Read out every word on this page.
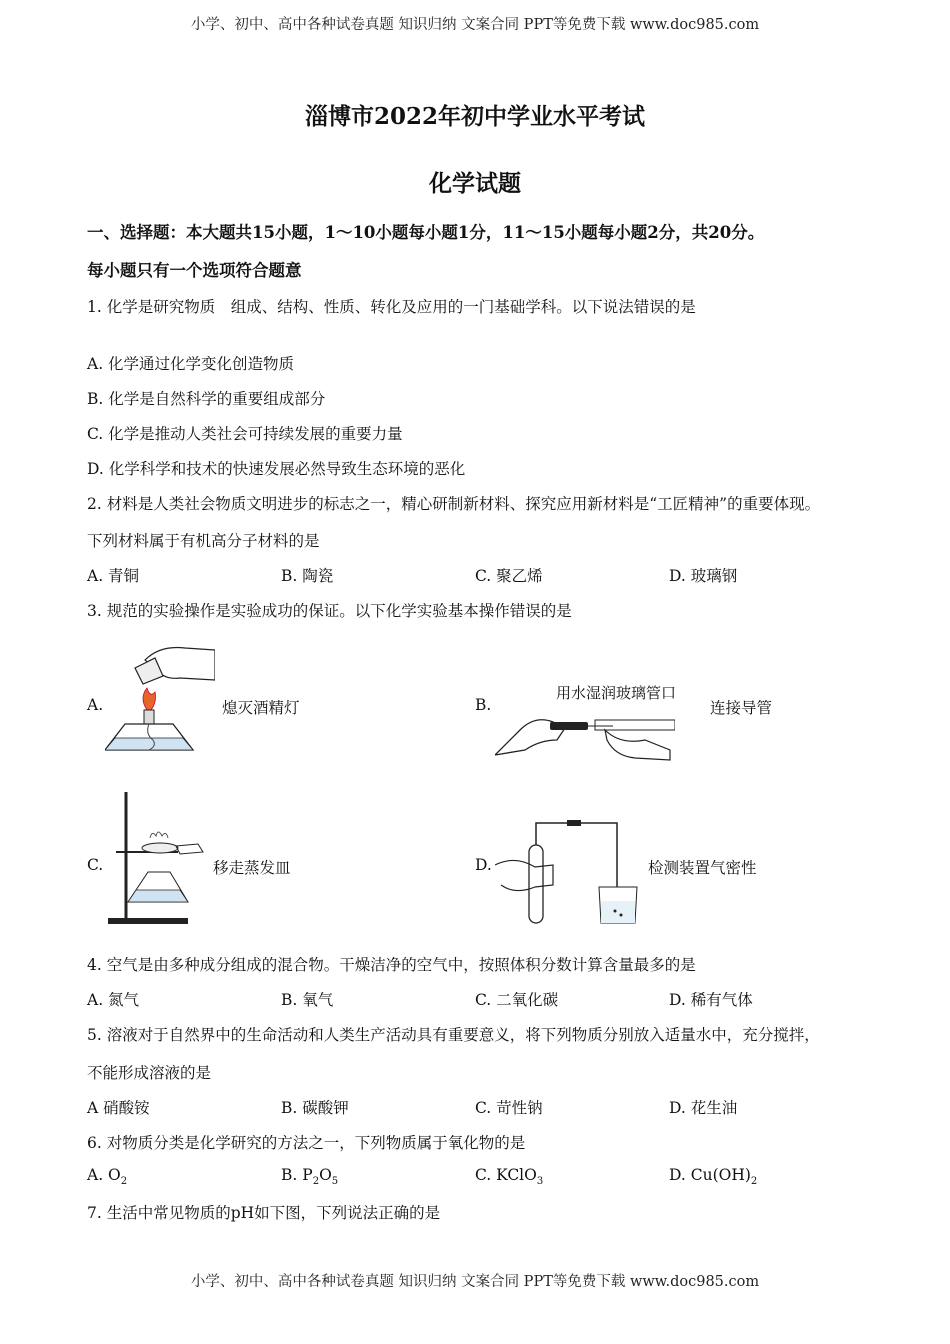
小学、初中、高中各种试卷真题 知识归纳 文案合同 PPT等免费下载 www.doc985.com
淄博市2022年初中学业水平考试
化学试题
一、选择题：本大题共15小题，1～10小题每小题1分，11～15小题每小题2分，共20分。
每小题只有一个选项符合题意
1. 化学是研究物质　组成、结构、性质、转化及应用的一门基础学科。以下说法错误的是
A. 化学通过化学变化创造物质
B. 化学是自然科学的重要组成部分
C. 化学是推动人类社会可持续发展的重要力量
D. 化学科学和技术的快速发展必然导致生态环境的恶化
2. 材料是人类社会物质文明进步的标志之一，精心研制新材料、探究应用新材料是“工匠精神”的重要体现。
下列材料属于有机高分子材料的是
A. 青铜	B. 陶瓷	C. 聚乙烯	D. 玻璃钢
3. 规范的实验操作是实验成功的保证。以下化学实验基本操作错误的是
A.	熄灭酒精灯	B.
用水湿润玻璃管口
连接导管
C.	移走蒸发皿	D.	检测装置气密性
4. 空气是由多种成分组成的混合物。干燥洁净的空气中，按照体积分数计算含量最多的是
A. 氮气	B. 氧气	C. 二氧化碳	D. 稀有气体
5. 溶液对于自然界中的生命活动和人类生产活动具有重要意义，将下列物质分别放入适量水中，充分搅拌，
不能形成溶液的是
A 硝酸铵	B. 碳酸钾	C. 苛性钠	D. 花生油
6. 对物质分类是化学研究的方法之一，下列物质属于氧化物的是
A. $O_2$	B. $P_2O_5$	C. KClO$_3$	D. $Cu(OH)_2$
7. 生活中常见物质的pH如下图，下列说法正确的是
小学、初中、高中各种试卷真题 知识归纳 文案合同 PPT等免费下载 www.doc985.com
